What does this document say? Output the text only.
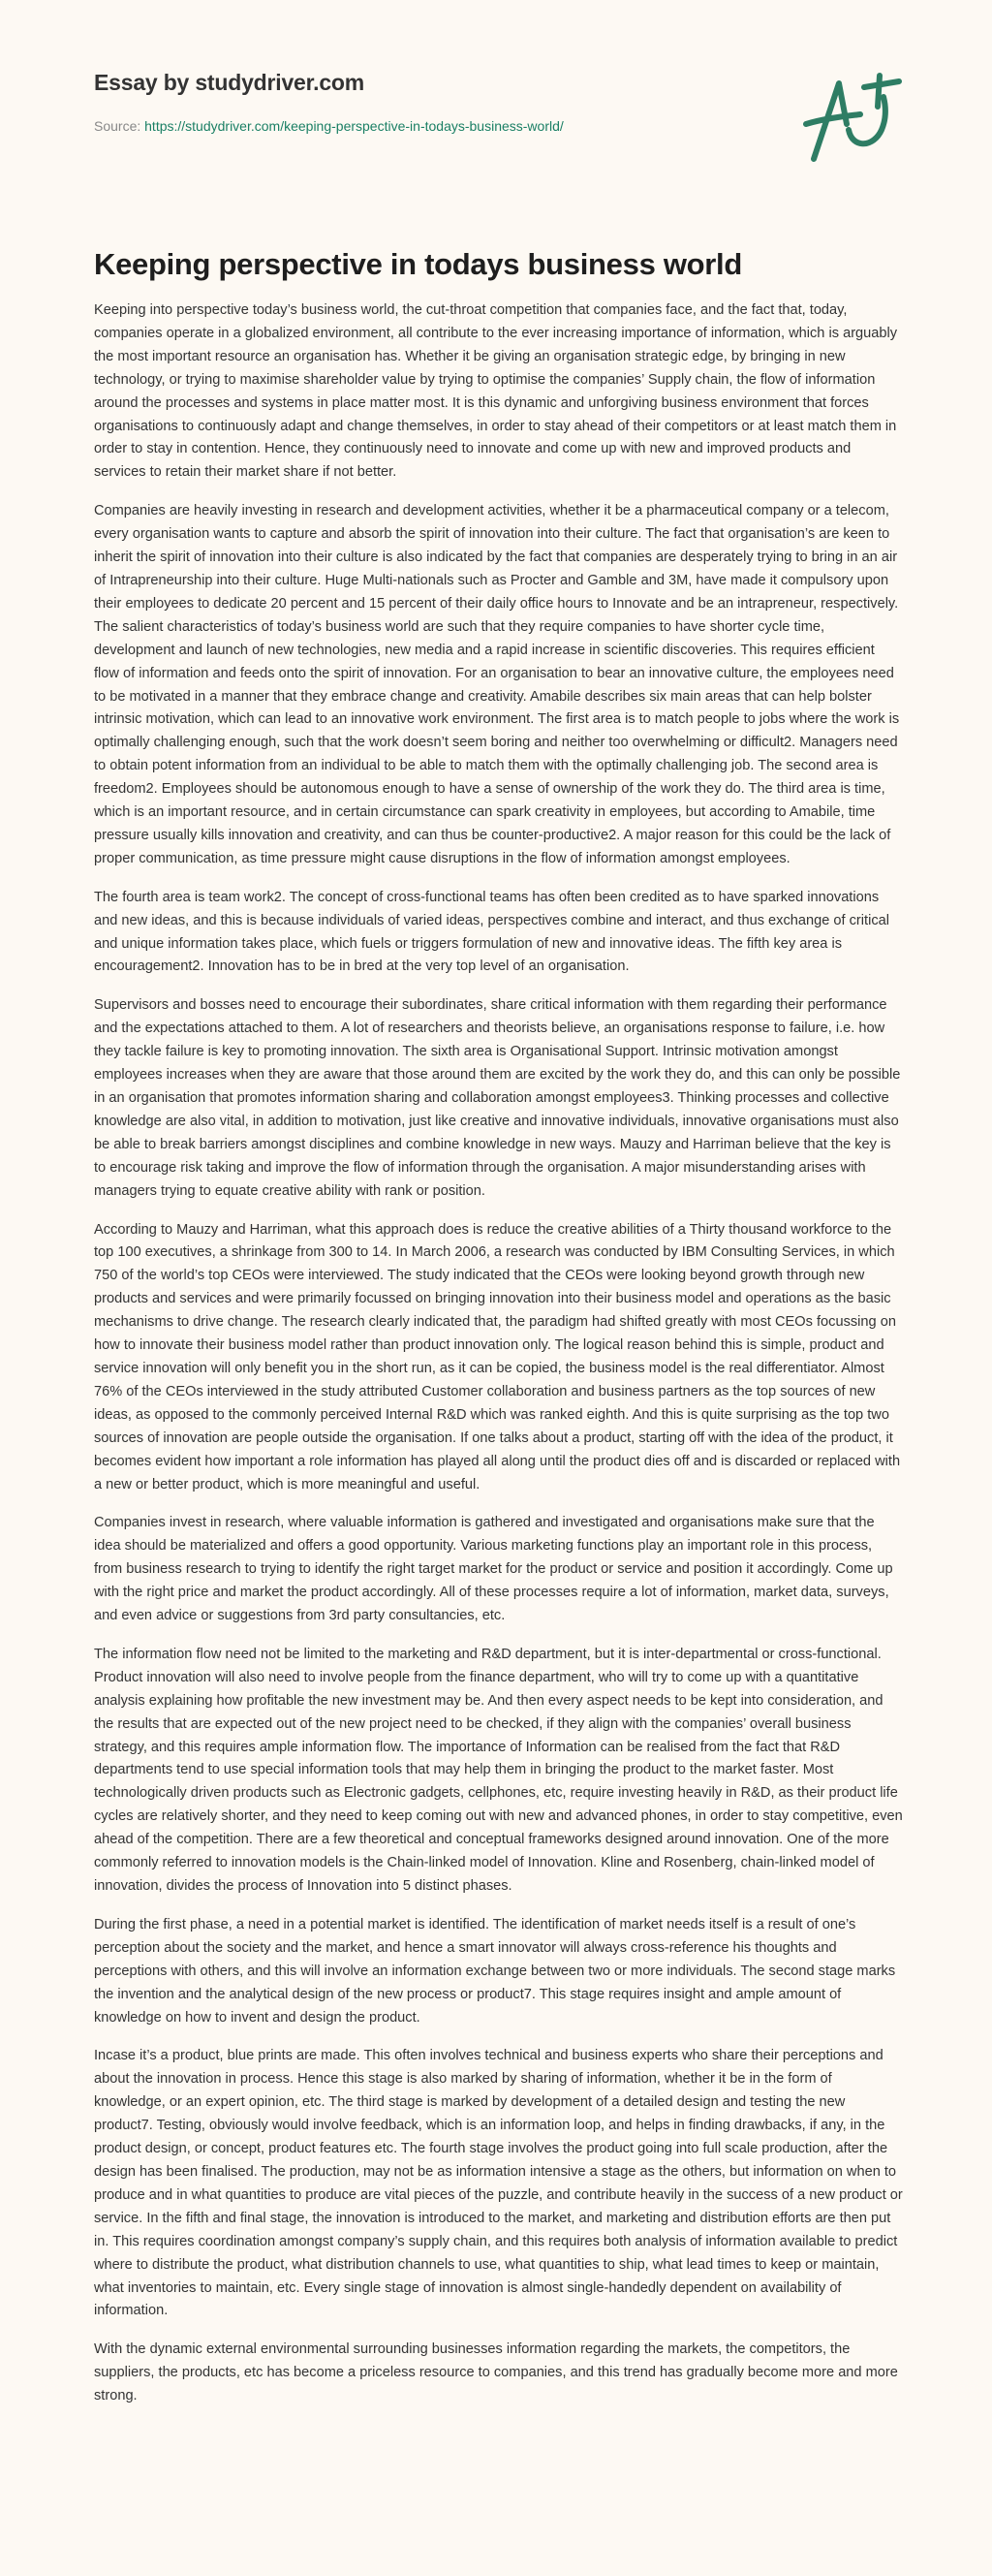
Essay by studydriver.com
Source: https://studydriver.com/keeping-perspective-in-todays-business-world/
Keeping perspective in todays business world

Keeping into perspective today’s business world, the cut-throat competition that companies face, and the fact that, today, companies operate in a globalized environment, all contribute to the ever increasing importance of information, which is arguably the most important resource an organisation has. Whether it be giving an organisation strategic edge, by bringing in new technology, or trying to maximise shareholder value by trying to optimise the companies’ Supply chain, the flow of information around the processes and systems in place matter most. It is this dynamic and unforgiving business environment that forces organisations to continuously adapt and change themselves, in order to stay ahead of their competitors or at least match them in order to stay in contention. Hence, they continuously need to innovate and come up with new and improved products and services to retain their market share if not better.

Companies are heavily investing in research and development activities, whether it be a pharmaceutical company or a telecom, every organisation wants to capture and absorb the spirit of innovation into their culture. The fact that organisation’s are keen to inherit the spirit of innovation into their culture is also indicated by the fact that companies are desperately trying to bring in an air of Intrapreneurship into their culture. Huge Multi-nationals such as Procter and Gamble and 3M, have made it compulsory upon their employees to dedicate 20 percent and 15 percent of their daily office hours to Innovate and be an intrapreneur, respectively. The salient characteristics of today’s business world are such that they require companies to have shorter cycle time, development and launch of new technologies, new media and a rapid increase in scientific discoveries. This requires efficient flow of information and feeds onto the spirit of innovation. For an organisation to bear an innovative culture, the employees need to be motivated in a manner that they embrace change and creativity. Amabile describes six main areas that can help bolster intrinsic motivation, which can lead to an innovative work environment. The first area is to match people to jobs where the work is optimally challenging enough, such that the work doesn’t seem boring and neither too overwhelming or difficult2. Managers need to obtain potent information from an individual to be able to match them with the optimally challenging job. The second area is freedom2. Employees should be autonomous enough to have a sense of ownership of the work they do. The third area is time, which is an important resource, and in certain circumstance can spark creativity in employees, but according to Amabile, time pressure usually kills innovation and creativity, and can thus be counter-productive2. A major reason for this could be the lack of proper communication, as time pressure might cause disruptions in the flow of information amongst employees.

The fourth area is team work2. The concept of cross-functional teams has often been credited as to have sparked innovations and new ideas, and this is because individuals of varied ideas, perspectives combine and interact, and thus exchange of critical and unique information takes place, which fuels or triggers formulation of new and innovative ideas. The fifth key area is encouragement2. Innovation has to be in bred at the very top level of an organisation.

Supervisors and bosses need to encourage their subordinates, share critical information with them regarding their performance and the expectations attached to them. A lot of researchers and theorists believe, an organisations response to failure, i.e. how they tackle failure is key to promoting innovation. The sixth area is Organisational Support. Intrinsic motivation amongst employees increases when they are aware that those around them are excited by the work they do, and this can only be possible in an organisation that promotes information sharing and collaboration amongst employees3. Thinking processes and collective knowledge are also vital, in addition to motivation, just like creative and innovative individuals, innovative organisations must also be able to break barriers amongst disciplines and combine knowledge in new ways. Mauzy and Harriman believe that the key is to encourage risk taking and improve the flow of information through the organisation. A major misunderstanding arises with managers trying to equate creative ability with rank or position.

According to Mauzy and Harriman, what this approach does is reduce the creative abilities of a Thirty thousand workforce to the top 100 executives, a shrinkage from 300 to 14. In March 2006, a research was conducted by IBM Consulting Services, in which 750 of the world’s top CEOs were interviewed. The study indicated that the CEOs were looking beyond growth through new products and services and were primarily focussed on bringing innovation into their business model and operations as the basic mechanisms to drive change. The research clearly indicated that, the paradigm had shifted greatly with most CEOs focussing on how to innovate their business model rather than product innovation only. The logical reason behind this is simple, product and service innovation will only benefit you in the short run, as it can be copied, the business model is the real differentiator. Almost 76% of the CEOs interviewed in the study attributed Customer collaboration and business partners as the top sources of new ideas, as opposed to the commonly perceived Internal R&D which was ranked eighth. And this is quite surprising as the top two sources of innovation are people outside the organisation. If one talks about a product, starting off with the idea of the product, it becomes evident how important a role information has played all along until the product dies off and is discarded or replaced with a new or better product, which is more meaningful and useful.

Companies invest in research, where valuable information is gathered and investigated and organisations make sure that the idea should be materialized and offers a good opportunity. Various marketing functions play an important role in this process, from business research to trying to identify the right target market for the product or service and position it accordingly. Come up with the right price and market the product accordingly. All of these processes require a lot of information, market data, surveys, and even advice or suggestions from 3rd party consultancies, etc.

The information flow need not be limited to the marketing and R&D department, but it is inter-departmental or cross-functional. Product innovation will also need to involve people from the finance department, who will try to come up with a quantitative analysis explaining how profitable the new investment may be. And then every aspect needs to be kept into consideration, and the results that are expected out of the new project need to be checked, if they align with the companies’ overall business strategy, and this requires ample information flow. The importance of Information can be realised from the fact that R&D departments tend to use special information tools that may help them in bringing the product to the market faster. Most technologically driven products such as Electronic gadgets, cellphones, etc, require investing heavily in R&D, as their product life cycles are relatively shorter, and they need to keep coming out with new and advanced phones, in order to stay competitive, even ahead of the competition. There are a few theoretical and conceptual frameworks designed around innovation. One of the more commonly referred to innovation models is the Chain-linked model of Innovation. Kline and Rosenberg, chain-linked model of innovation, divides the process of Innovation into 5 distinct phases.

During the first phase, a need in a potential market is identified. The identification of market needs itself is a result of one’s perception about the society and the market, and hence a smart innovator will always cross-reference his thoughts and perceptions with others, and this will involve an information exchange between two or more individuals. The second stage marks the invention and the analytical design of the new process or product7. This stage requires insight and ample amount of knowledge on how to invent and design the product.

Incase it’s a product, blue prints are made. This often involves technical and business experts who share their perceptions and about the innovation in process. Hence this stage is also marked by sharing of information, whether it be in the form of knowledge, or an expert opinion, etc. The third stage is marked by development of a detailed design and testing the new product7. Testing, obviously would involve feedback, which is an information loop, and helps in finding drawbacks, if any, in the product design, or concept, product features etc. The fourth stage involves the product going into full scale production, after the design has been finalised. The production, may not be as information intensive a stage as the others, but information on when to produce and in what quantities to produce are vital pieces of the puzzle, and contribute heavily in the success of a new product or service. In the fifth and final stage, the innovation is introduced to the market, and marketing and distribution efforts are then put in. This requires coordination amongst company’s supply chain, and this requires both analysis of information available to predict where to distribute the product, what distribution channels to use, what quantities to ship, what lead times to keep or maintain, what inventories to maintain, etc. Every single stage of innovation is almost single-handedly dependent on availability of information.

With the dynamic external environmental surrounding businesses information regarding the markets, the competitors, the suppliers, the products, etc has become a priceless resource to companies, and this trend has gradually become more and more strong.
